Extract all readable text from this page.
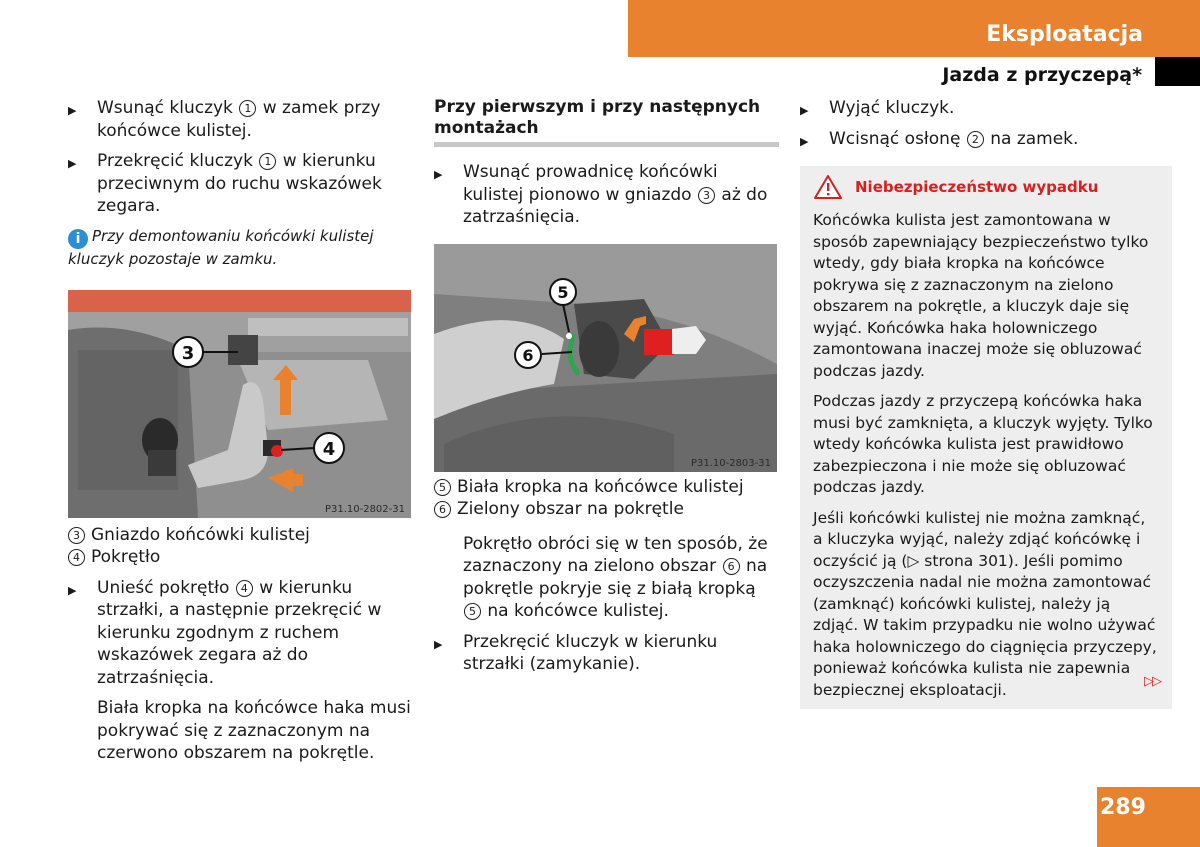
Eksploatacja
Jazda z przyczepą*
▶ Wsunąć kluczyk 1 w zamek przy końcówce kulistej.
▶ Przekręcić kluczyk 1 w kierunku przeciwnym do ruchu wskazówek zegara.
i Przy demontowaniu końcówki kulistej kluczyk pozostaje w zamku.
3
4
P31.10-2802-31
3 Gniazdo końcówki kulistej
4 Pokrętło
▶ Unieść pokrętło 4 w kierunku strzałki, a następnie przekręcić w kierunku zgodnym z ruchem wskazówek zegara aż do zatrzaśnięcia.
Biała kropka na końcówce haka musi pokrywać się z zaznaczonym na czerwono obszarem na pokrętle.
Przy pierwszym i przy następnych montażach
▶ Wsunąć prowadnicę końcówki kulistej pionowo w gniazdo 3 aż do zatrzaśnięcia.
5
6
P31.10-2803-31
5 Biała kropka na końcówce kulistej
6 Zielony obszar na pokrętle
Pokrętło obróci się w ten sposób, że zaznaczony na zielono obszar 6 na pokrętle pokryje się z białą kropką 5 na końcówce kulistej.
▶ Przekręcić kluczyk w kierunku strzałki (zamykanie).
▶ Wyjąć kluczyk.
▶ Wcisnąć osłonę 2 na zamek.
Niebezpieczeństwo wypadku
Końcówka kulista jest zamontowana w sposób zapewniający bezpieczeństwo tylko wtedy, gdy biała kropka na końcówce pokrywa się z zaznaczonym na zielono obszarem na pokrętle, a kluczyk daje się wyjąć. Końcówka haka holowniczego zamontowana inaczej może się obluzować podczas jazdy.
Podczas jazdy z przyczepą końcówka haka musi być zamknięta, a kluczyk wyjęty. Tylko wtedy końcówka kulista jest prawidłowo zabezpieczona i nie może się obluzować podczas jazdy.
Jeśli końcówki kulistej nie można zamknąć, a kluczyka wyjąć, należy zdjąć końcówkę i oczyścić ją (▷ strona 301). Jeśli pomimo oczyszczenia nadal nie można zamontować (zamknąć) końcówki kulistej, należy ją zdjąć. W takim przypadku nie wolno używać haka holowniczego do ciągnięcia przyczepy, ponieważ końcówka kulista nie zapewnia bezpiecznej eksploatacji.	▷▷
289
